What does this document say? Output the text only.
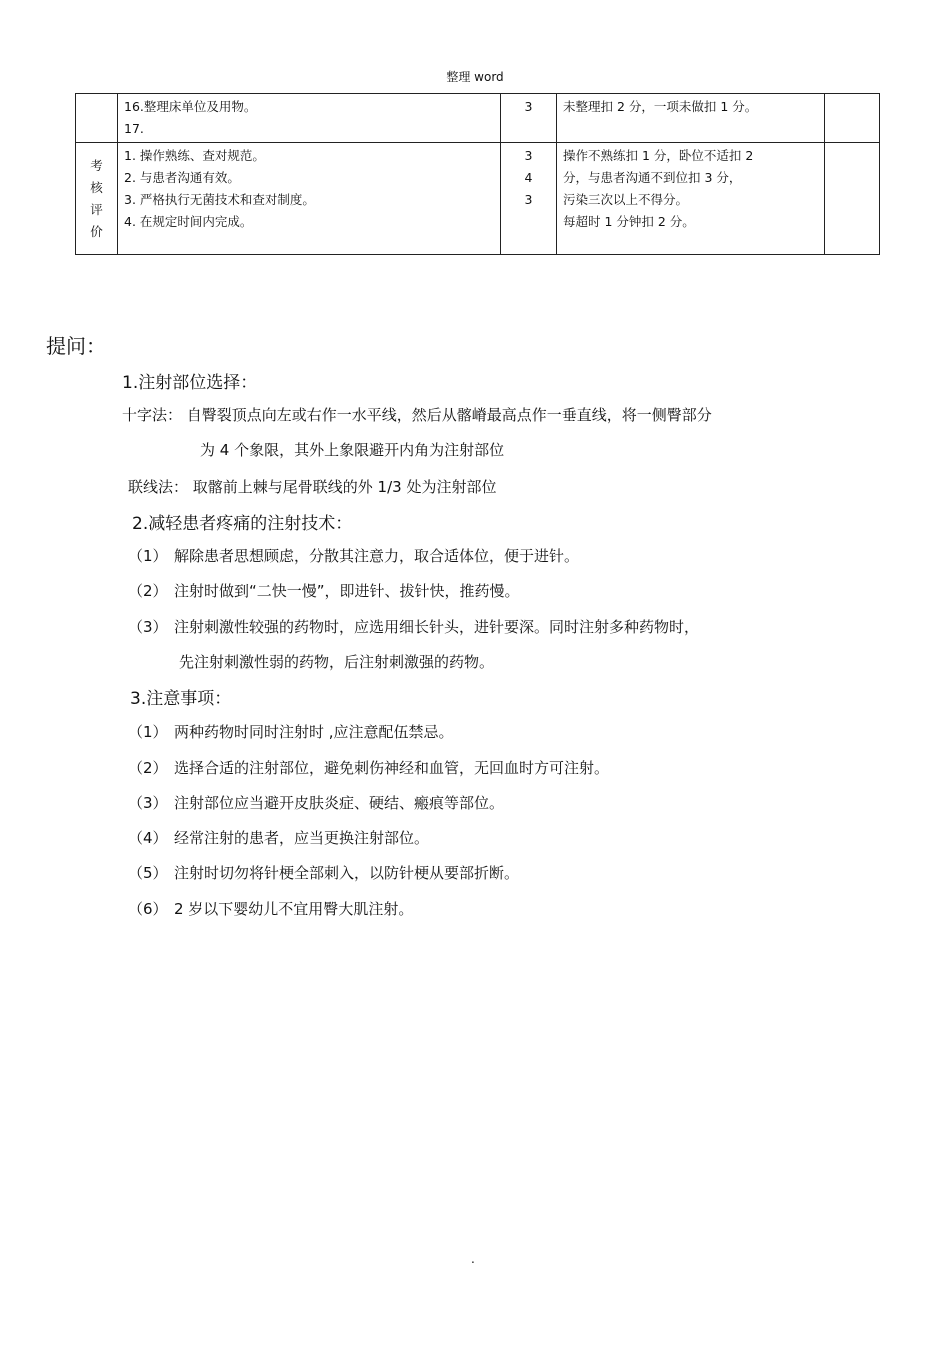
整理 word

	16.整理床单位及用物。
17.	3	未整理扣 2 分，一项未做扣 1 分。	

考
核
评
价	1. 操作熟练、查对规范。
2. 与患者沟通有效。
3. 严格执行无菌技术和查对制度。
4. 在规定时间内完成。	3
4
3	操作不熟练扣 1 分，卧位不适扣 2
分，与患者沟通不到位扣 3 分，
污染三次以上不得分。
每超时 1 分钟扣 2 分。	

提问：
1.注射部位选择：
十字法： 自臀裂顶点向左或右作一水平线，然后从髂嵴最高点作一垂直线，将一侧臀部分
为 4 个象限，其外上象限避开内角为注射部位
联线法： 取髂前上棘与尾骨联线的外 1/3 处为注射部位
2.减轻患者疼痛的注射技术：
（1） 解除患者思想顾虑，分散其注意力，取合适体位，便于进针。
（2） 注射时做到“二快一慢”，即进针、拔针快，推药慢。
（3） 注射刺激性较强的药物时，应选用细长针头，进针要深。同时注射多种药物时，
先注射刺激性弱的药物，后注射刺激强的药物。
3.注意事项：
（1） 两种药物时同时注射时 ,应注意配伍禁忌。
（2） 选择合适的注射部位，避免刺伤神经和血管，无回血时方可注射。
（3） 注射部位应当避开皮肤炎症、硬结、瘢痕等部位。
（4） 经常注射的患者，应当更换注射部位。
（5） 注射时切勿将针梗全部刺入，以防针梗从要部折断。
（6） 2 岁以下婴幼儿不宜用臀大肌注射。
.
